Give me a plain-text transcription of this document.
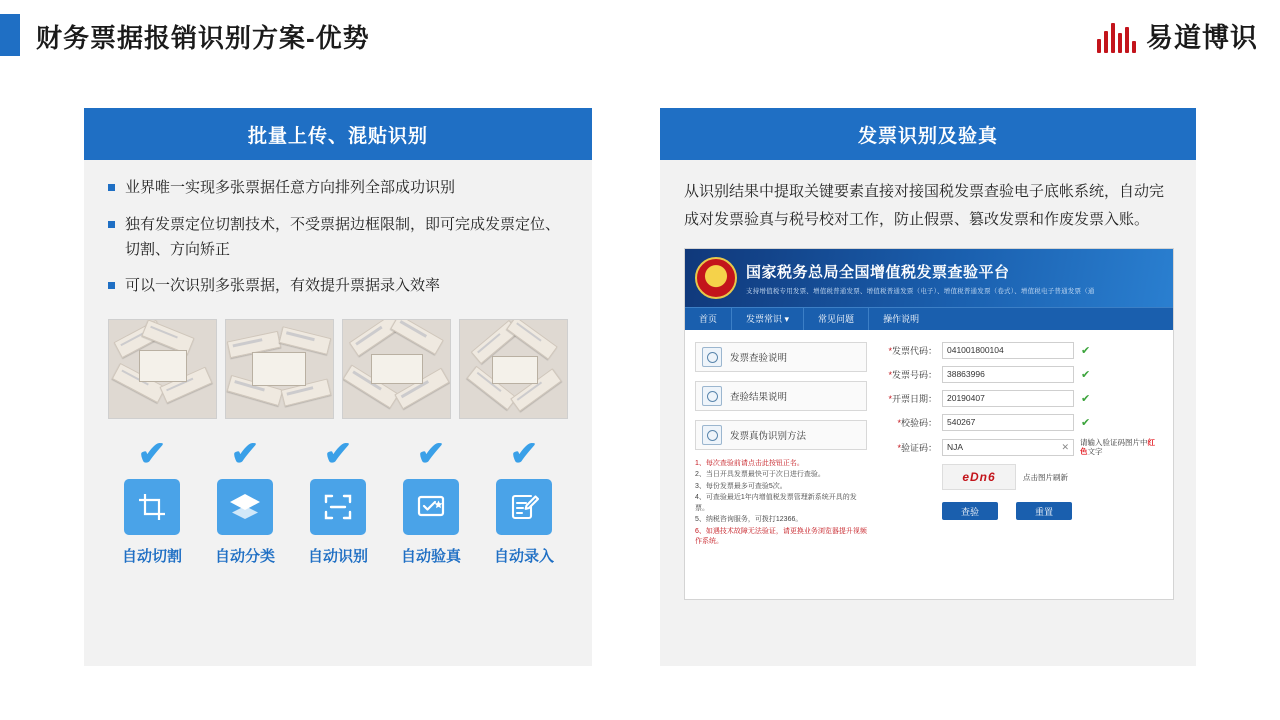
财务票据报销识别方案-优势	易道博识
批量上传、混贴识别
业界唯一实现多张票据任意方向排列全部成功识别
独有发票定位切割技术，不受票据边框限制，即可完成发票定位、切割、方向矫正
可以一次识别多张票据，有效提升票据录入效率
✔
自动切割
✔
自动分类
✔
自动识别
✔
自动验真
✔
自动录入
发票识别及验真
从识别结果中提取关键要素直接对接国税发票查验电子底帐系统，自动完成对发票验真与税号校对工作，防止假票、篡改发票和作废发票入账。
国家税务总局全国增值税发票查验平台
支持增值税专用发票、增值税普通发票、增值税普通发票（电子）、增值税普通发票（卷式）、增值税电子普通发票（通
首页	发票常识 ▾	常见问题	操作说明
发票查验说明
查验结果说明
发票真伪识别方法
1、每次查验前请点击此按钮正名。
2、当日开具发票最快可于次日进行查验。
3、每份发票最多可查验5次。
4、可查验最近1年内增值税发票管理新系统开具的发票。
5、纳税咨询服务，可拨打12366。
6、如遇技术故障无法验证，请更换业务浏览器提升视频作系统。
*发票代码：	041001800104	✔
*发票号码：	38863996	✔
*开票日期：	20190407	✔
*校验码：	540267	✔
*验证码：	NJA	✕ 请输入验证码图片中红色文字
eDn6	点击图片刷新
查验	重置
